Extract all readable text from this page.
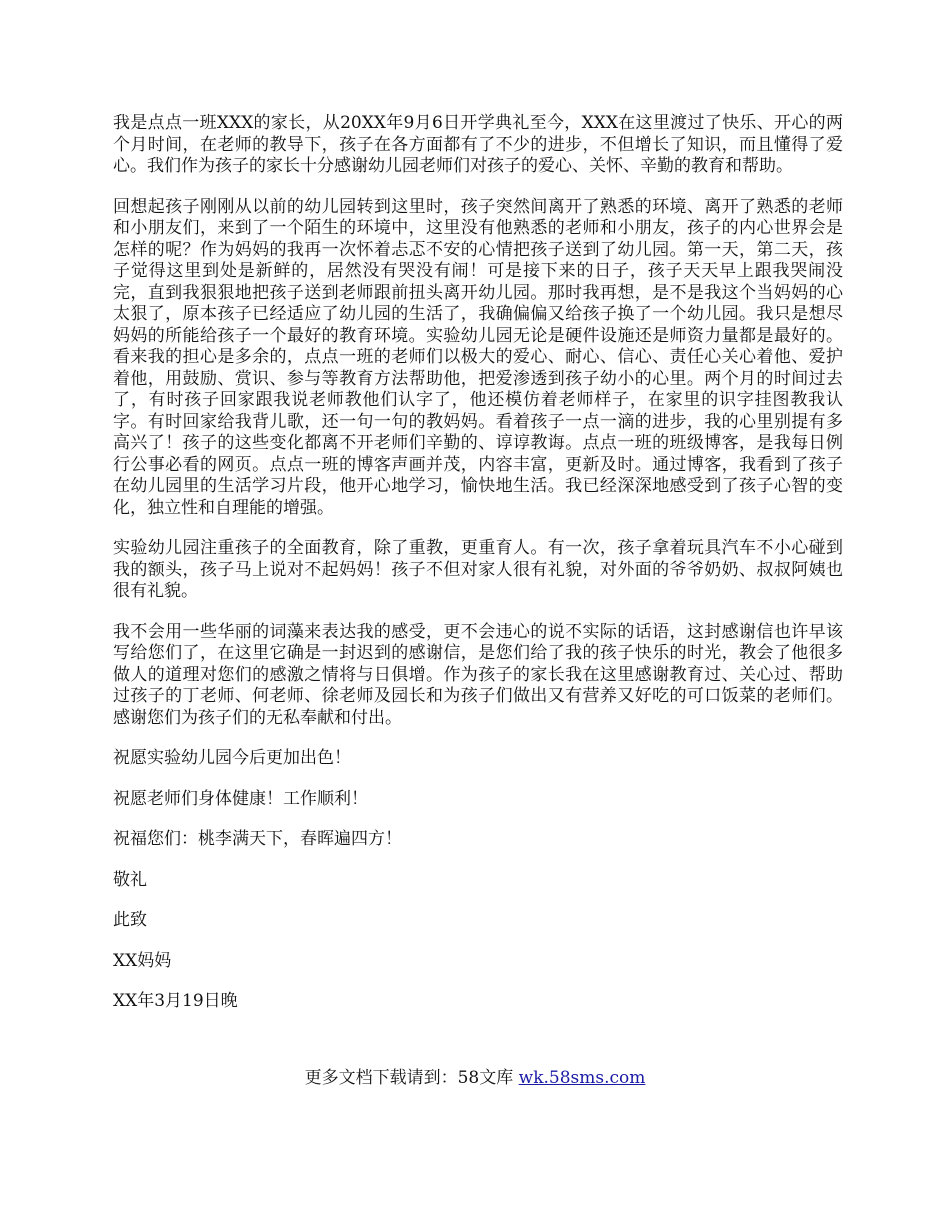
我是点点一班XXX的家长，从20XX年9月6日开学典礼至今，XXX在这里渡过了快乐、开心的两个月时间，在老师的教导下，孩子在各方面都有了不少的进步，不但增长了知识，而且懂得了爱心。我们作为孩子的家长十分感谢幼儿园老师们对孩子的爱心、关怀、辛勤的教育和帮助。

回想起孩子刚刚从以前的幼儿园转到这里时，孩子突然间离开了熟悉的环境、离开了熟悉的老师和小朋友们，来到了一个陌生的环境中，这里没有他熟悉的老师和小朋友，孩子的内心世界会是怎样的呢？作为妈妈的我再一次怀着忐忑不安的心情把孩子送到了幼儿园。第一天，第二天，孩子觉得这里到处是新鲜的，居然没有哭没有闹！可是接下来的日子，孩子天天早上跟我哭闹没完，直到我狠狠地把孩子送到老师跟前扭头离开幼儿园。那时我再想，是不是我这个当妈妈的心太狠了，原本孩子已经适应了幼儿园的生活了，我确偏偏又给孩子换了一个幼儿园。我只是想尽妈妈的所能给孩子一个最好的教育环境。实验幼儿园无论是硬件设施还是师资力量都是最好的。看来我的担心是多余的，点点一班的老师们以极大的爱心、耐心、信心、责任心关心着他、爱护着他，用鼓励、赏识、参与等教育方法帮助他，把爱渗透到孩子幼小的心里。两个月的时间过去了，有时孩子回家跟我说老师教他们认字了，他还模仿着老师样子，在家里的识字挂图教我认字。有时回家给我背儿歌，还一句一句的教妈妈。看着孩子一点一滴的进步，我的心里别提有多高兴了！孩子的这些变化都离不开老师们辛勤的、谆谆教诲。点点一班的班级博客，是我每日例行公事必看的网页。点点一班的博客声画并茂，内容丰富，更新及时。通过博客，我看到了孩子在幼儿园里的生活学习片段，他开心地学习，愉快地生活。我已经深深地感受到了孩子心智的变化，独立性和自理能的增强。

实验幼儿园注重孩子的全面教育，除了重教，更重育人。有一次，孩子拿着玩具汽车不小心碰到我的额头，孩子马上说对不起妈妈！孩子不但对家人很有礼貌，对外面的爷爷奶奶、叔叔阿姨也很有礼貌。

我不会用一些华丽的词藻来表达我的感受，更不会违心的说不实际的话语，这封感谢信也许早该写给您们了，在这里它确是一封迟到的感谢信，是您们给了我的孩子快乐的时光，教会了他很多做人的道理对您们的感激之情将与日俱增。作为孩子的家长我在这里感谢教育过、关心过、帮助过孩子的丁老师、何老师、徐老师及园长和为孩子们做出又有营养又好吃的可口饭菜的老师们。感谢您们为孩子们的无私奉献和付出。

祝愿实验幼儿园今后更加出色！

祝愿老师们身体健康！工作顺利！

祝福您们：桃李满天下，春晖遍四方！

敬礼

此致

XX妈妈

XX年3月19日晚

更多文档下载请到：58文库 wk.58sms.com
